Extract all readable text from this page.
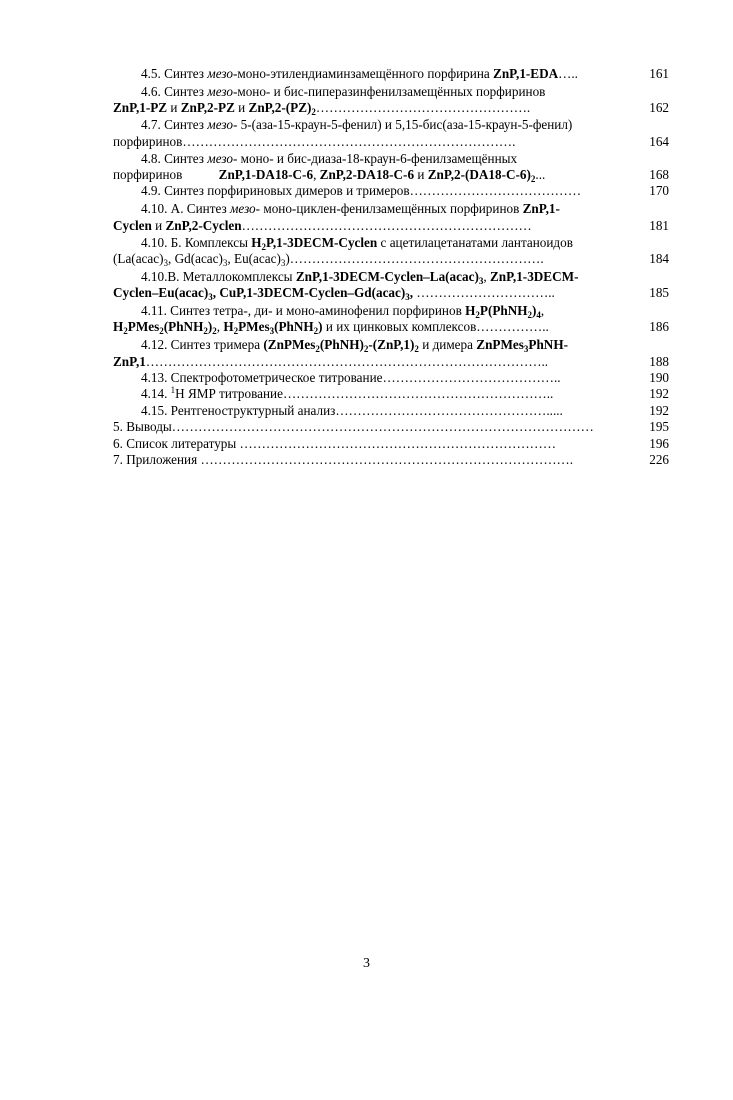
4.5. Синтез мезо-моно-этилендиаминзамещённого порфирина ZnP,1-EDA…..	161
4.6. Синтез мезо-моно- и бис-пиперазинфенилзамещённых порфиринов
ZnP,1-PZ и ZnP,2-PZ и $ZnP,2-(PZ)_2\dots\dots\dots\dots\dots\dots\dots\dots\dots\dots\dots\dots\dots\dots\dots\dots$.	162
4.7. Синтез мезо- 5-(аза-15-краун-5-фенил) и 5,15-бис(аза-15-краун-5-фенил)
порфиринов………………………………………………………………….	164
4.8. Синтез мезо- моно- и бис-диаза-18-краун-6-фенилзамещённых
порфиринов           ZnP,1-DA18-C-6, ZnP,2-DA18-C-6 и $ZnP,2-(DA18-C-6)_2$...	168
4.9. Синтез порфириновых димеров и тримеров…………………………………	170
4.10. А. Синтез мезо- моно-циклен-фенилзамещённых порфиринов ZnP,1-
Cyclen и ZnP,2-Cyclen…………………………………………………………	181
4.10. Б. Комплексы $H_2P,1-3DECM$-Cyclen с ацетилацетанатами лантаноидов
($La(acac)_3$, $Gd(acac)_3$, $Eu(acac)_3)\dots\dots\dots\dots\dots\dots\dots\dots\dots\dots\dots\dots\dots\dots\dots\dots\dots\dots\dots$.	184
4.10.В. Металлокомплексы $ZnP,1-3DECM-Cyclen-La(acac)_3$, ZnP,1-3DECM-
Cyclen–$Eu(acac)_3$, $CuP,1-3DECM-Cyclen-Gd(acac)_3$, …………………………..	185
4.11. Синтез тетра-, ди- и моно-аминофенил порфиринов $H_2P(PhNH_2)_4$,
$H_2PMes_2(PhNH_2)_2$, $H_2PMes_3(PhNH_2)$ и их цинковых комплексов……………..	186
4.12. Синтез тримера ($ZnPMes_2(PhNH)_2-(ZnP,1)_2$ и димера ZnPMes$_3$PhNH-
ZnP,1………………………………………………………………………………..	188
4.13. Спектрофотометрическое титрование…………………………………..	190
4.14. $^1$H ЯМР титрование……………………………………………………..	192
4.15. Рентгеноструктурный анализ………………………………………….....	192
5. Выводы……………………………………………………………………………………	195
6. Список литературы ………………………………………………………………	196
7. Приложения ………………………………………………………………………….	226
3
